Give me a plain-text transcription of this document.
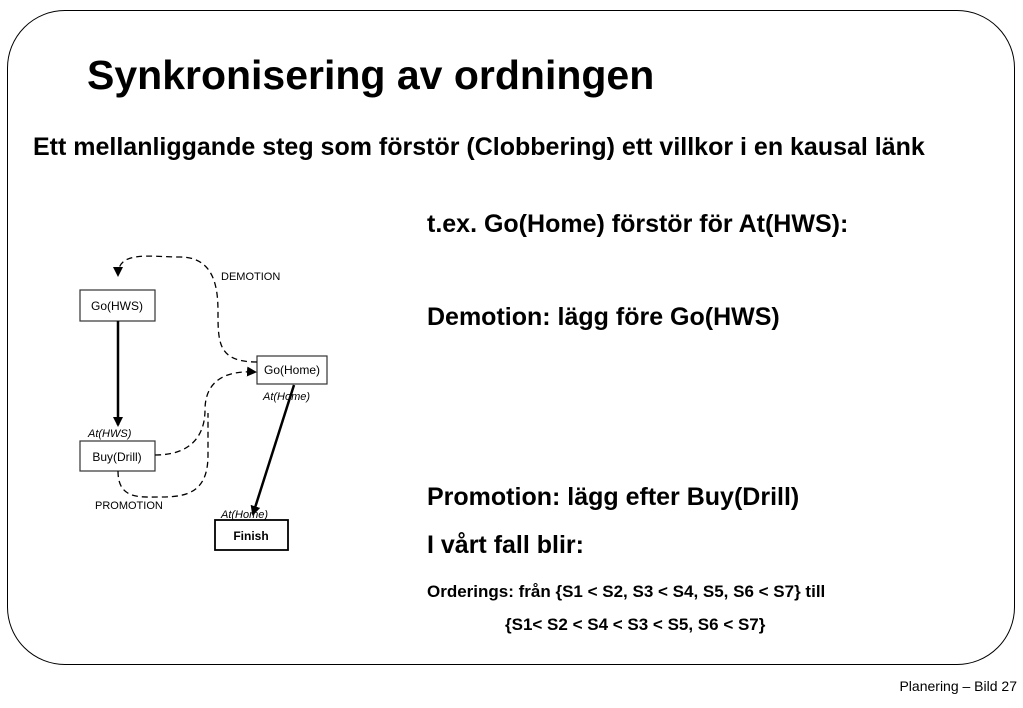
Synkronisering av ordningen
Ett mellanliggande steg som förstör (Clobbering) ett villkor i en kausal länk
t.ex. Go(Home) förstör för At(HWS):
Demotion: lägg före Go(HWS)
Promotion: lägg efter Buy(Drill)
I vårt fall blir:
Orderings: från {S1 < S2, S3 < S4, S5, S6 < S7} till
{S1< S2 < S4 < S3 < S5, S6 < S7}
Go(HWS)
Go(Home)
Buy(Drill)
Finish
DEMOTION
PROMOTION
At(HWS)
At(Home)
At(Home)
Planering – Bild 27
